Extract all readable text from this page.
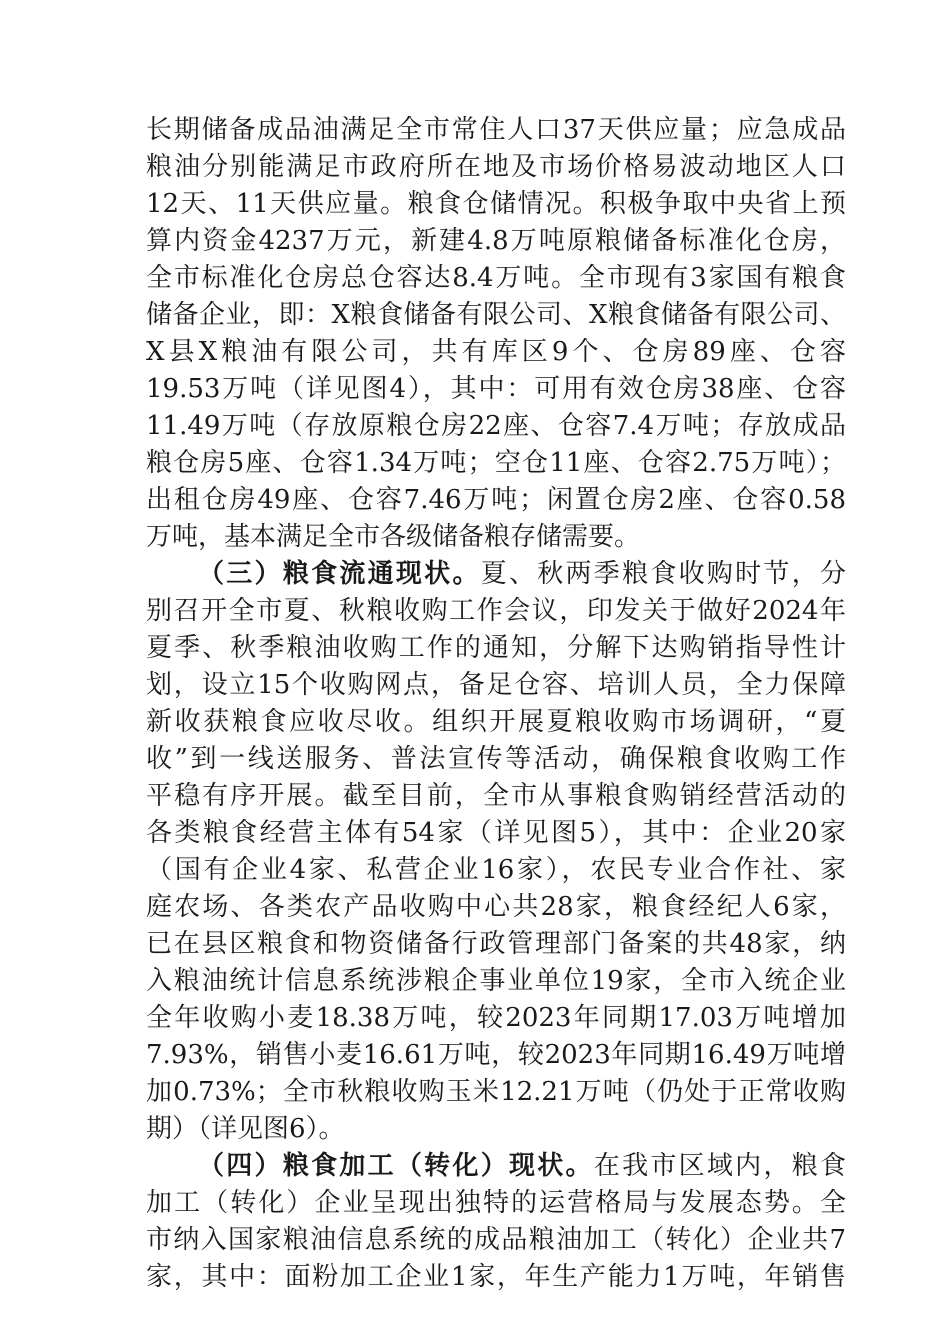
长期储备成品油满足全市常住人口37天供应量；应急成品
粮油分别能满足市政府所在地及市场价格易波动地区人口
12天、11天供应量。粮食仓储情况。积极争取中央省上预
算内资金4237万元，新建4.8万吨原粮储备标准化仓房，
全市标准化仓房总仓容达8.4万吨。全市现有3家国有粮食
储备企业，即：X粮食储备有限公司、X粮食储备有限公司、
X县X粮油有限公司，共有库区9个、仓房89座、仓容
19.53万吨（详见图4），其中：可用有效仓房38座、仓容
11.49万吨（存放原粮仓房22座、仓容7.4万吨；存放成品
粮仓房5座、仓容1.34万吨；空仓11座、仓容2.75万吨）；
出租仓房49座、仓容7.46万吨；闲置仓房2座、仓容0.58
万吨，基本满足全市各级储备粮存储需要。
（三）粮食流通现状。夏、秋两季粮食收购时节，分
别召开全市夏、秋粮收购工作会议，印发关于做好2024年
夏季、秋季粮油收购工作的通知，分解下达购销指导性计
划，设立15个收购网点，备足仓容、培训人员，全力保障
新收获粮食应收尽收。组织开展夏粮收购市场调研，“夏
收”到一线送服务、普法宣传等活动，确保粮食收购工作
平稳有序开展。截至目前，全市从事粮食购销经营活动的
各类粮食经营主体有54家（详见图5），其中：企业20家
（国有企业4家、私营企业16家），农民专业合作社、家
庭农场、各类农产品收购中心共28家，粮食经纪人6家，
已在县区粮食和物资储备行政管理部门备案的共48家，纳
入粮油统计信息系统涉粮企事业单位19家，全市入统企业
全年收购小麦18.38万吨，较2023年同期17.03万吨增加
7.93%，销售小麦16.61万吨，较2023年同期16.49万吨增
加0.73%；全市秋粮收购玉米12.21万吨（仍处于正常收购
期）（详见图6）。
（四）粮食加工（转化）现状。在我市区域内，粮食
加工（转化）企业呈现出独特的运营格局与发展态势。全
市纳入国家粮油信息系统的成品粮油加工（转化）企业共7
家，其中：面粉加工企业1家，年生产能力1万吨，年销售
